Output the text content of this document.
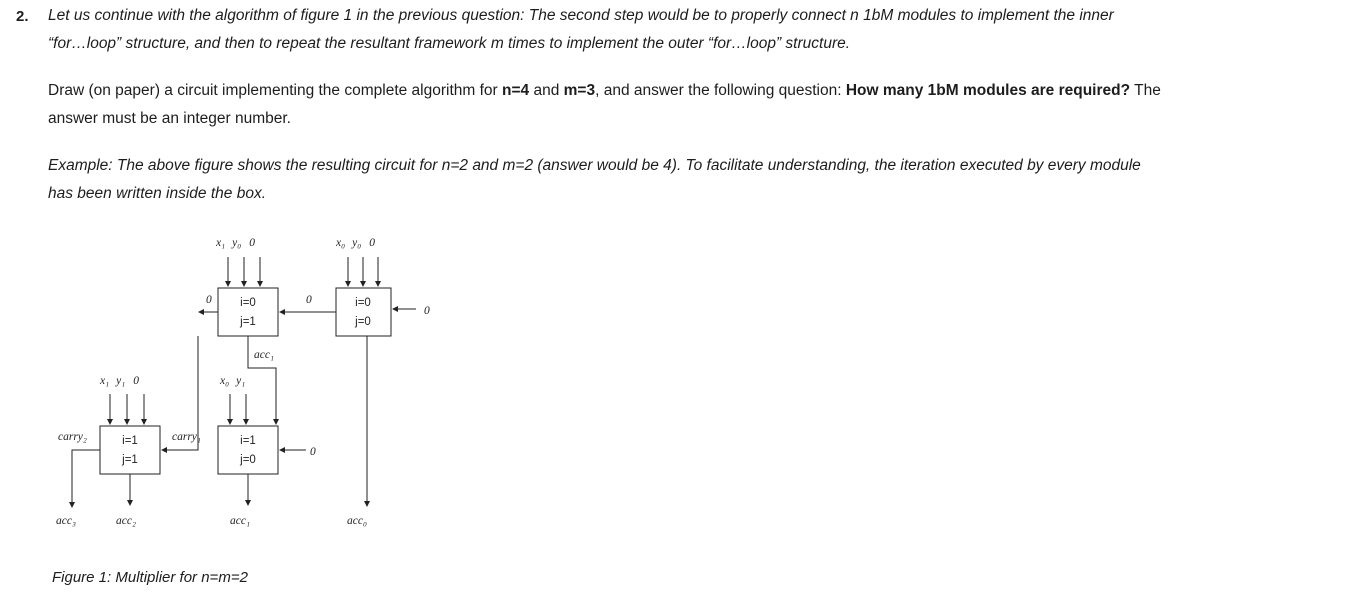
2. Let us continue with the algorithm of figure 1 in the previous question: The second step would be to properly connect n 1bM modules to implement the inner
“for…loop” structure, and then to repeat the resultant framework m times to implement the outer “for…loop” structure.
Draw (on paper) a circuit implementing the complete algorithm for n=4 and m=3, and answer the following question: How many 1bM modules are required? The
answer must be an integer number.
Example: The above figure shows the resulting circuit for n=2 and m=2 (answer would be 4). To facilitate understanding, the iteration executed by every module
has been written inside the box.
x₁ y₀ 0	x₀ y₀ 0
x₁ y₁ 0	x₀ y₁
i=0
j=1
i=0
j=0
i=1
j=1
i=1
j=0
0	0
0
acc₁
carry₂	carry₁
0
acc₃	acc₂	acc₁	acc₀
Figure 1: Multiplier for n=m=2
